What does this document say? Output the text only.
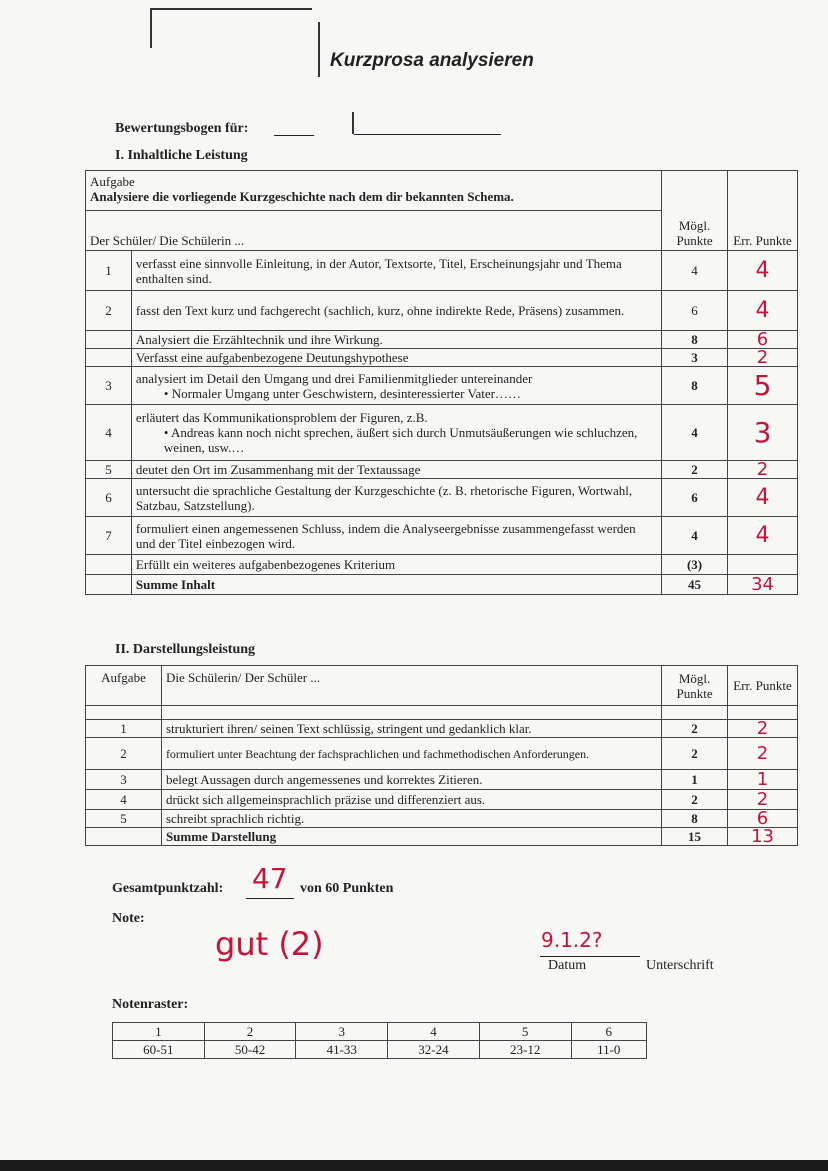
Kurzprosa analysieren
Bewertungsbogen für:
I. Inhaltliche Leistung
Aufgabe
Analysiere die vorliegende Kurzgeschichte nach dem dir bekannten Schema.		Mögl. Punkte	Err. Punkte
Der Schüler/ Die Schülerin ...			
1	verfasst eine sinnvolle Einleitung, in der Autor, Textsorte, Titel, Erscheinungsjahr und Thema enthalten sind.	4	4
2	fasst den Text kurz und fachgerecht (sachlich, kurz, ohne indirekte Rede, Präsens) zusammen.	6	4
	Analysiert die Erzähltechnik und ihre Wirkung.	8	6
	Verfasst eine aufgabenbezogene Deutungshypothese	3	2
3	analysiert im Detail den Umgang und drei Familienmitglieder untereinander
• Normaler Umgang unter Geschwistern, desinteressierter Vater……	8	5
4	erläutert das Kommunikationsproblem der Figuren, z.B.
• Andreas kann noch nicht sprechen, äußert sich durch Unmutsäußerungen wie schluchzen, weinen, usw.…	4	3
5	deutet den Ort im Zusammenhang mit der Textaussage	2	2
6	untersucht die sprachliche Gestaltung der Kurzgeschichte (z. B. rhetorische Figuren, Wortwahl, Satzbau, Satzstellung).	6	4
7	formuliert einen angemessenen Schluss, indem die Analyseergebnisse zusammengefasst werden und der Titel einbezogen wird.	4	4
	Erfüllt ein weiteres aufgabenbezogenes Kriterium	(3)	
	Summe Inhalt	45	34
II. Darstellungsleistung
Aufgabe	Die Schülerin/ Der Schüler ...	Mögl. Punkte	Err. Punkte

1	strukturiert ihren/ seinen Text schlüssig, stringent und gedanklich klar.	2	2
2	formuliert unter Beachtung der fachsprachlichen und fachmethodischen Anforderungen.	2	2
3	belegt Aussagen durch angemessenes und korrektes Zitieren.	1	1
4	drückt sich allgemeinsprachlich präzise und differenziert aus.	2	2
5	schreibt sprachlich richtig.	8	6
	Summe Darstellung	15	13
Gesamtpunktzahl: 47 von 60 Punkten
Note:
gut (2)	9.1.2?
Datum	Unterschrift
Notenraster:
1	2	3	4	5	6
60-51	50-42	41-33	32-24	23-12	11-0
